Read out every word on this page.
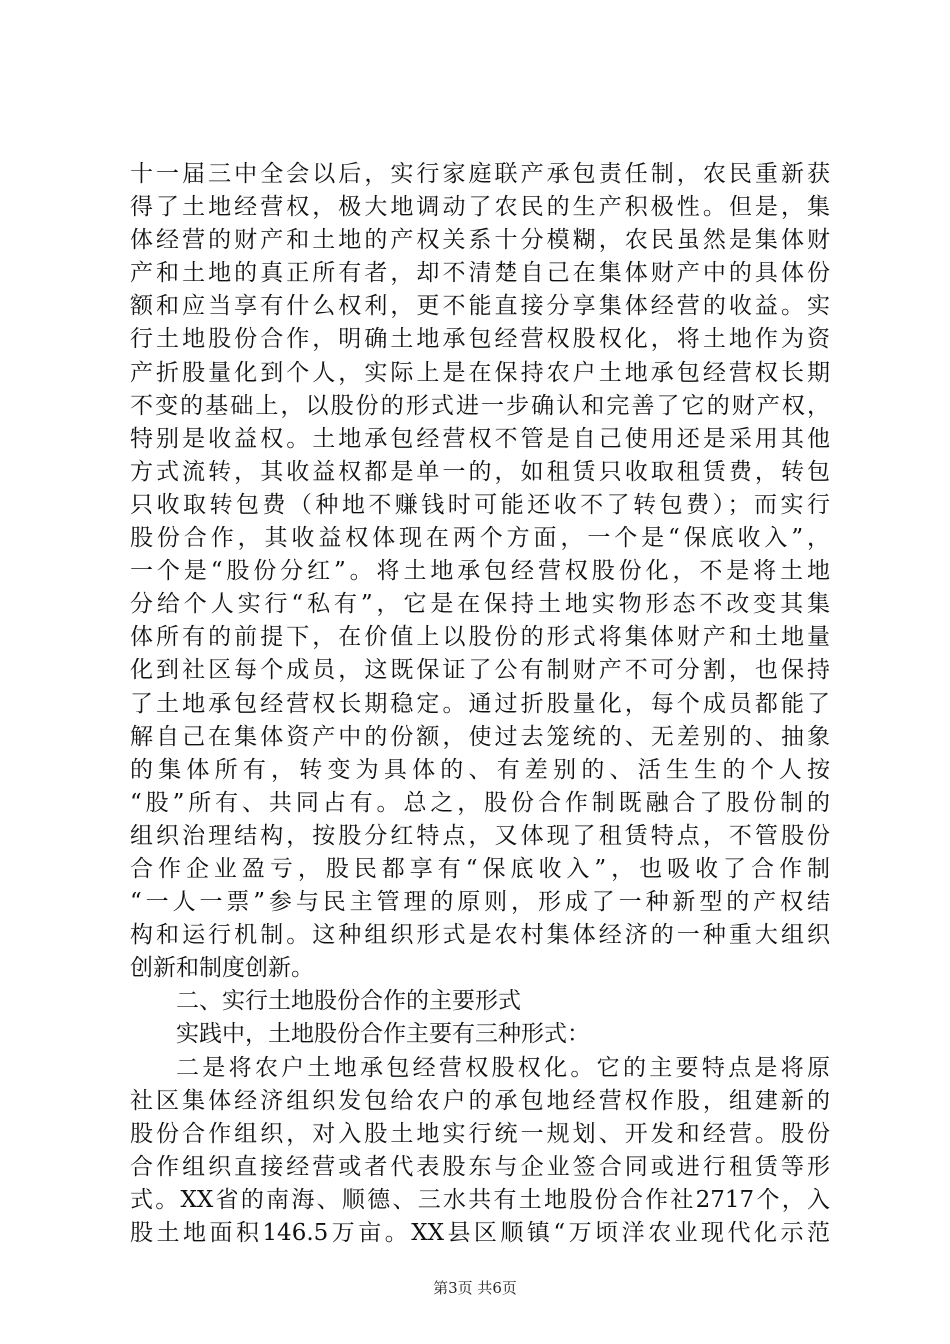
十一届三中全会以后，实行家庭联产承包责任制，农民重新获
得了土地经营权，极大地调动了农民的生产积极性。但是，集
体经营的财产和土地的产权关系十分模糊，农民虽然是集体财
产和土地的真正所有者，却不清楚自己在集体财产中的具体份
额和应当享有什么权利，更不能直接分享集体经营的收益。实
行土地股份合作，明确土地承包经营权股权化，将土地作为资
产折股量化到个人，实际上是在保持农户土地承包经营权长期
不变的基础上，以股份的形式进一步确认和完善了它的财产权，
特别是收益权。土地承包经营权不管是自己使用还是采用其他
方式流转，其收益权都是单一的，如租赁只收取租赁费，转包
只收取转包费（种地不赚钱时可能还收不了转包费）；而实行
股份合作，其收益权体现在两个方面，一个是“保底收入”，
一个是“股份分红”。将土地承包经营权股份化，不是将土地
分给个人实行“私有”，它是在保持土地实物形态不改变其集
体所有的前提下，在价值上以股份的形式将集体财产和土地量
化到社区每个成员，这既保证了公有制财产不可分割，也保持
了土地承包经营权长期稳定。通过折股量化，每个成员都能了
解自己在集体资产中的份额，使过去笼统的、无差别的、抽象
的集体所有，转变为具体的、有差别的、活生生的个人按
“股”所有、共同占有。总之，股份合作制既融合了股份制的
组织治理结构，按股分红特点，又体现了租赁特点，不管股份
合作企业盈亏，股民都享有“保底收入”，也吸收了合作制
“一人一票”参与民主管理的原则，形成了一种新型的产权结
构和运行机制。这种组织形式是农村集体经济的一种重大组织
创新和制度创新。
二、实行土地股份合作的主要形式
实践中，土地股份合作主要有三种形式：
二是将农户土地承包经营权股权化。它的主要特点是将原
社区集体经济组织发包给农户的承包地经营权作股，组建新的
股份合作组织，对入股土地实行统一规划、开发和经营。股份
合作组织直接经营或者代表股东与企业签合同或进行租赁等形
式。XX省的南海、顺德、三水共有土地股份合作社2717个，入
股土地面积146.5万亩。XX县区顺镇“万顷洋农业现代化示范
第3页 共6页
